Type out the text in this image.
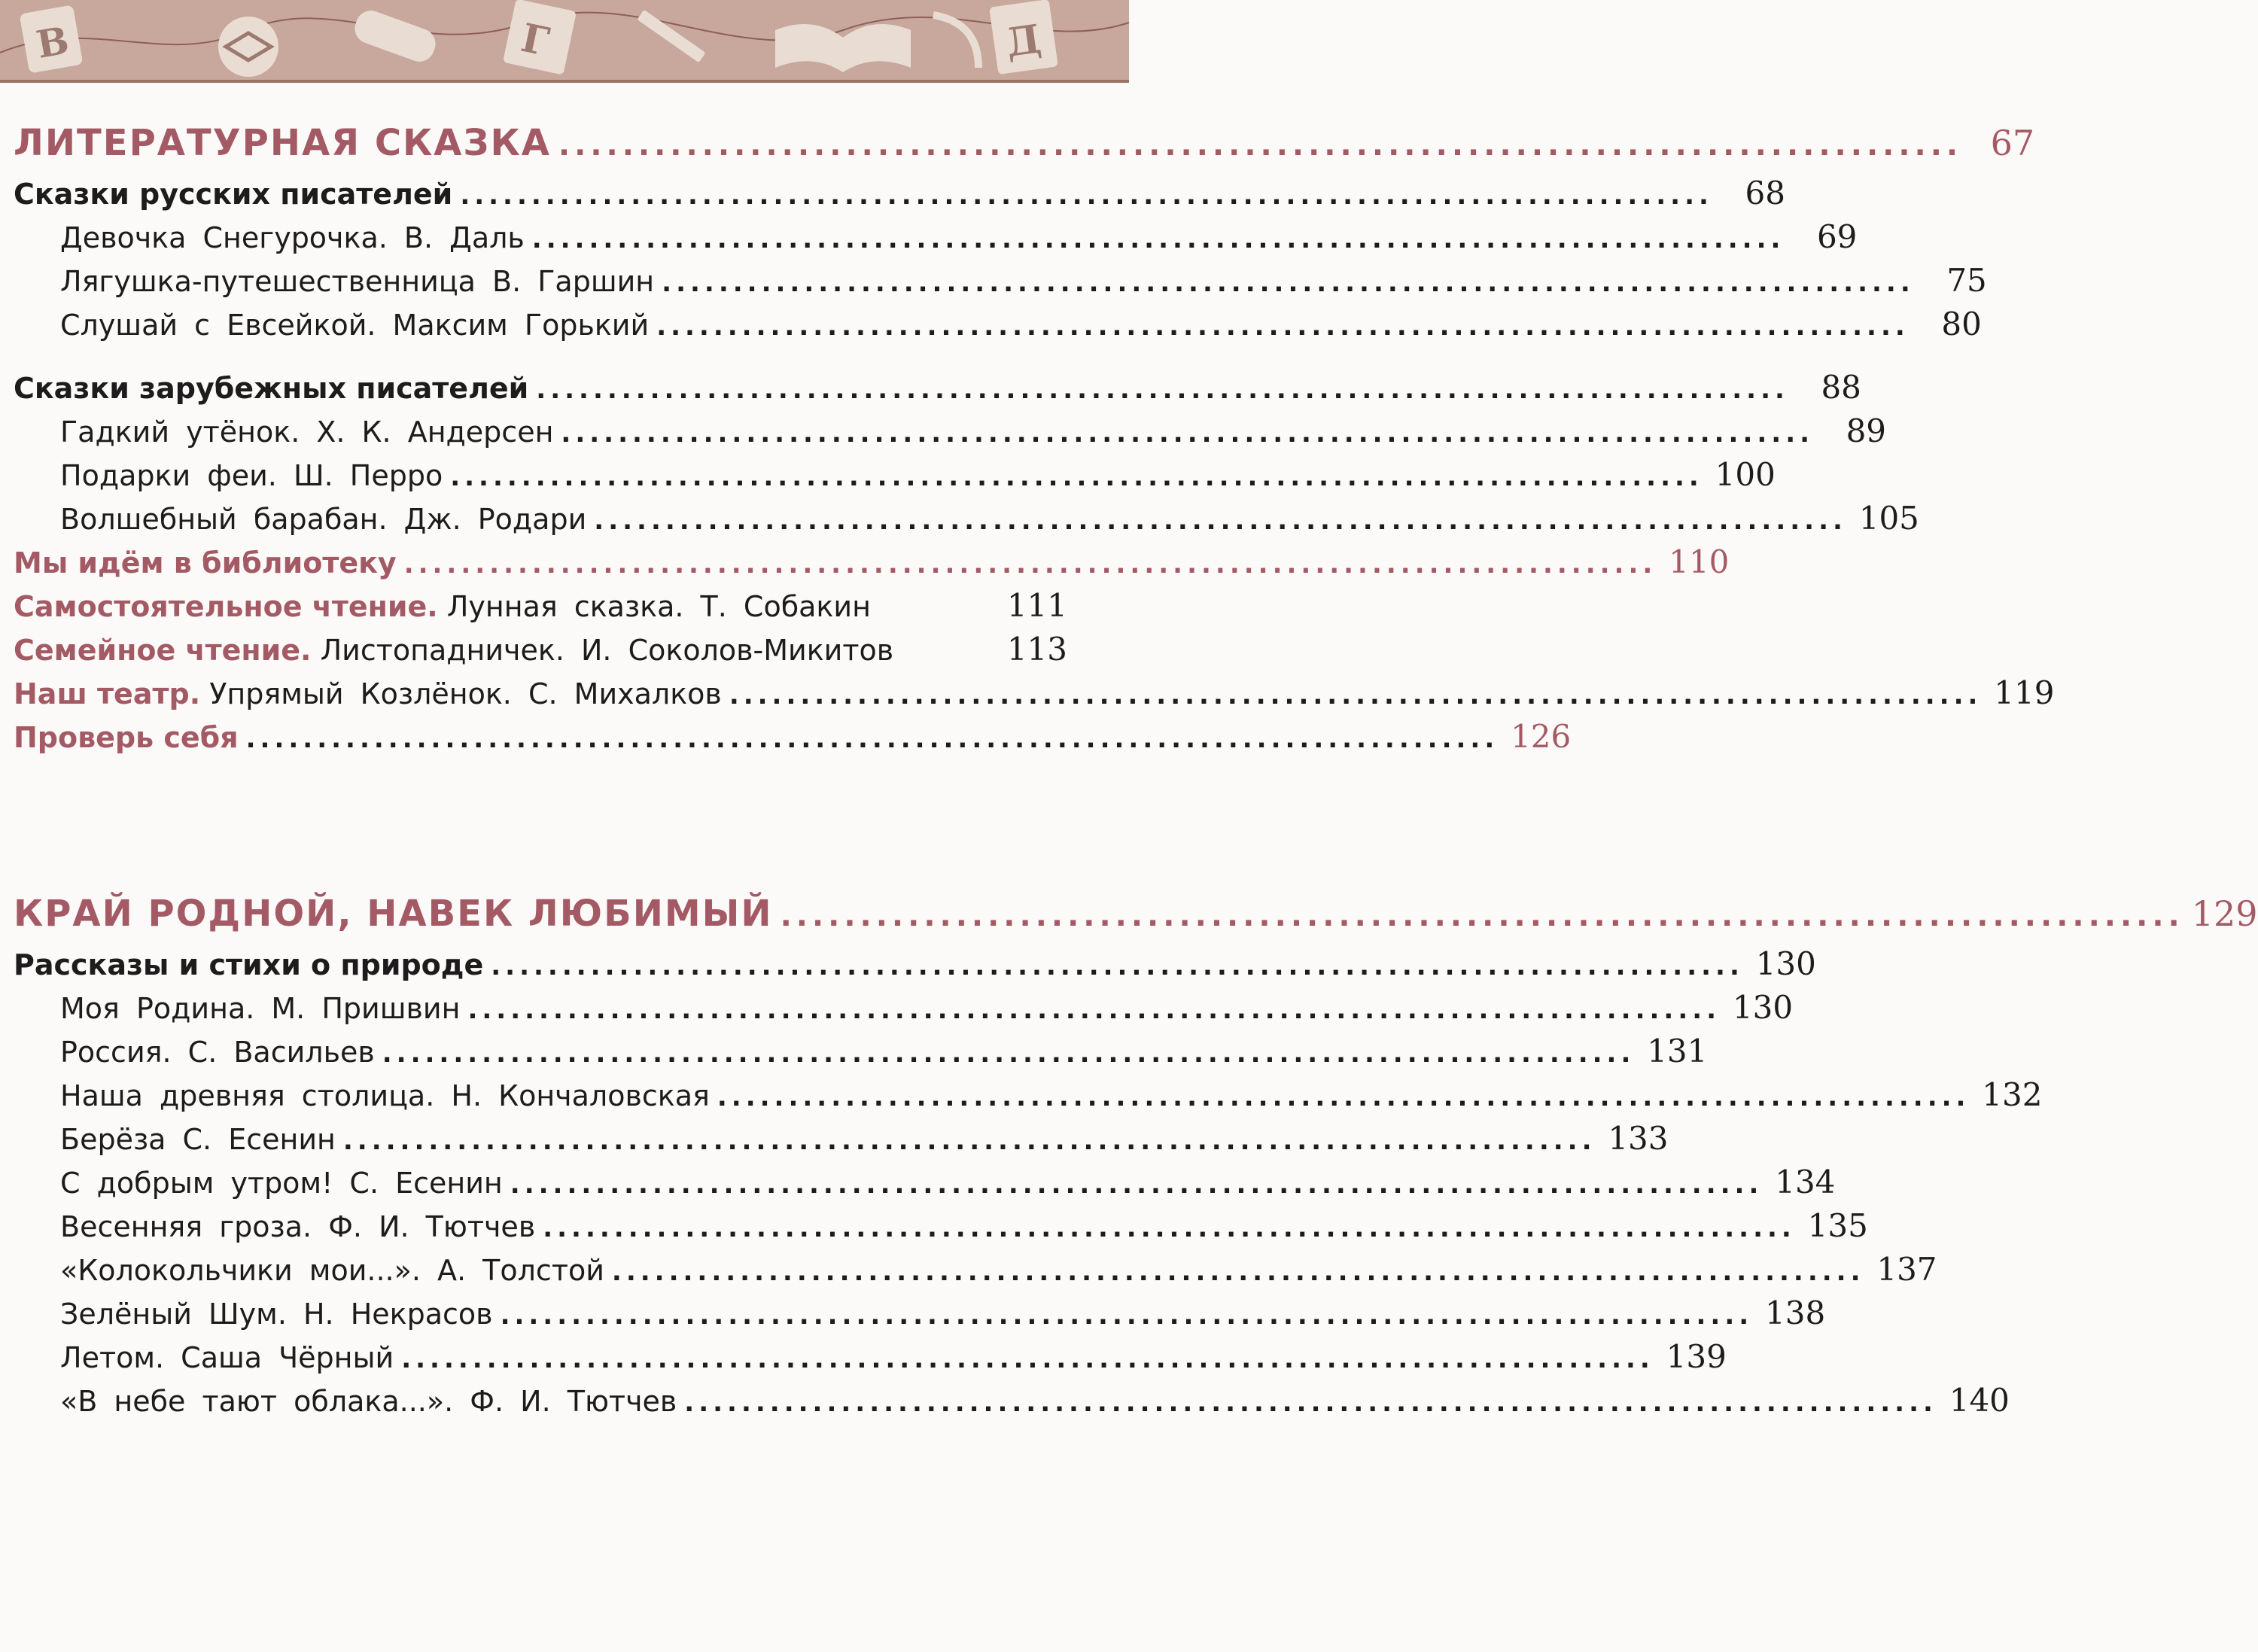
В	Г	Д
ЛИТЕРАТУРНАЯ СКАЗКА ........................................................................................ 67
Сказки русских писателей ........................................................................................	68
Девочка Снегурочка. В. Даль ........................................................................................	69
Лягушка-путешественница В. Гаршин ........................................................................................	75
Слушай с Евсейкой. Максим Горький ........................................................................................	80
Сказки зарубежных писателей ........................................................................................	88
Гадкий утёнок. Х. К. Андерсен ........................................................................................	89
Подарки феи. Ш. Перро ........................................................................................ 100
Волшебный барабан. Дж. Родари ........................................................................................ 105
Мы идём в библиотеку ........................................................................................ 110
Самостоятельное чтение. Лунная сказка. Т. Собакин	111
Семейное чтение. Листопадничек. И. Соколов-Микитов	113
Наш театр. Упрямый Козлёнок. С. Михалков ........................................................................................ 119
Проверь себя ........................................................................................ 126
КРАЙ РОДНОЙ, НАВЕК ЛЮБИМЫЙ ........................................................................................ 129
Рассказы и стихи о природе ........................................................................................ 130
Моя Родина. М. Пришвин ........................................................................................ 130
Россия. С. Васильев ........................................................................................ 131
Наша древняя столица. Н. Кончаловская ........................................................................................ 132
Берёза С. Есенин ........................................................................................ 133
С добрым утром! С. Есенин ........................................................................................ 134
Весенняя гроза. Ф. И. Тютчев ........................................................................................ 135
«Колокольчики мои...». А. Толстой ........................................................................................ 137
Зелёный Шум. Н. Некрасов ........................................................................................ 138
Летом. Саша Чёрный ........................................................................................ 139
«В небе тают облака...». Ф. И. Тютчев ........................................................................................ 140
